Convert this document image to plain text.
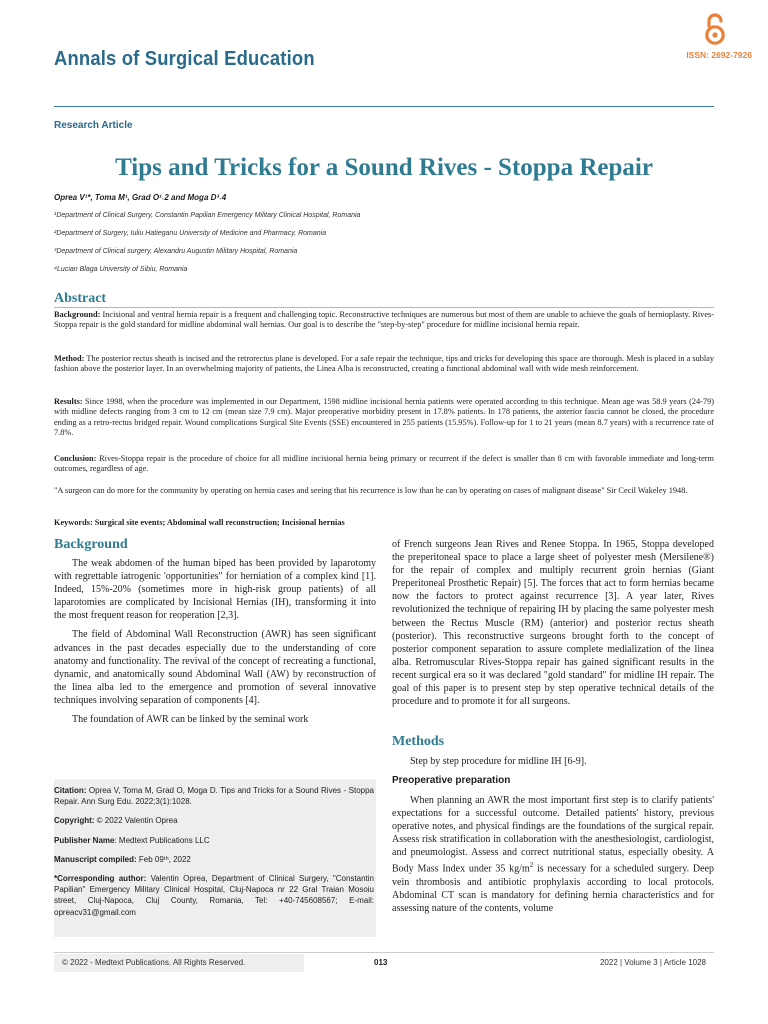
Annals of Surgical Education	ISSN: 2692-7926
Research Article
Tips and Tricks for a Sound Rives - Stoppa Repair
Oprea V¹*, Toma M¹, Grad O¹˒2 and Moga D³˒4
¹Department of Clinical Surgery, Constantin Papilian Emergency Military Clinical Hospital, Romania
²Department of Surgery, Iuliu Hatieganu University of Medicine and Pharmacy, Romania
³Department of Clinical surgery, Alexandru Augustin Military Hospital, Romania
⁴Lucian Blaga University of Sibiu, Romania
Abstract
Background: Incisional and ventral hernia repair is a frequent and challenging topic. Reconstructive techniques are numerous but most of them are unable to achieve the goals of hernioplasty. Rives-Stoppa repair is the gold standard for midline abdominal wall hernias. Our goal is to describe the "step-by-step" procedure for midline incisional hernia repair.
Method: The posterior rectus sheath is incised and the retrorectus plane is developed. For a safe repair the technique, tips and tricks for developing this space are thorough. Mesh is placed in a sublay fashion above the posterior layer. In an overwhelming majority of patients, the Linea Alba is reconstructed, creating a functional abdominal wall with wide mesh reinforcement.
Results: Since 1998, when the procedure was implemented in our Department, 1598 midline incisional hernia patients were operated according to this technique. Mean age was 58.9 years (24-79) with midline defects ranging from 3 cm to 12 cm (mean size 7.9 cm). Major preoperative morbidity present in 17.8% patients. In 178 patients, the anterior fascia cannot be closed, the procedure ending as a retro-rectus bridged repair. Wound complications Surgical Site Events (SSE) encountered in 255 patients (15.95%). Follow-up for 1 to 21 years (mean 8.7 years) with a recurrence rate of 7.8%.
Conclusion: Rives-Stoppa repair is the procedure of choice for all midline incisional hernia being primary or recurrent if the defect is smaller than 8 cm with favorable immediate and long-term outcomes, regardless of age.
"A surgeon can do more for the community by operating on hernia cases and seeing that his recurrence is low than he can by operating on cases of malignant disease" Sir Cecil Wakeley 1948.
Keywords: Surgical site events; Abdominal wall reconstruction; Incisional hernias
Background

The weak abdomen of the human biped has been provided by laparotomy with regrettable iatrogenic 'opportunities" for herniation of a complex kind [1]. Indeed, 15%-20% (sometimes more in high-risk group patients) of all laparotomies are complicated by Incisional Hernias (IH), transforming it into the most frequent reason for reoperation [2,3].

The field of Abdominal Wall Reconstruction (AWR) has seen significant advances in the past decades especially due to the understanding of core anatomy and functionality. The revival of the concept of recreating a functional, dynamic, and anatomically sound Abdominal Wall (AW) by reconstruction of the linea alba led to the emergence and promotion of several innovative techniques involving separation of components [4].

The foundation of AWR can be linked by the seminal work

Citation: Oprea V, Toma M, Grad O, Moga D. Tips and Tricks for a Sound Rives - Stoppa Repair. Ann Surg Edu. 2022;3(1):1028.

Copyright: © 2022 Valentin Oprea

Publisher Name: Medtext Publications LLC

Manuscript compiled: Feb 09ᵗʰ, 2022

*Corresponding author: Valentin Oprea, Department of Clinical Surgery, "Constantin Papilian" Emergency Military Clinical Hospital, Cluj-Napoca nr 22 Gral Traian Mosoiu street, Cluj-Napoca, Cluj County, Romania, Tel: +40-745608567; E-mail: opreacv31@gmail.com

of French surgeons Jean Rives and Renee Stoppa. In 1965, Stoppa developed the preperitoneal space to place a large sheet of polyester mesh (Mersilene®) for the repair of complex and multiply recurrent groin hernias (Giant Preperitoneal Prosthetic Repair) [5]. The forces that act to form hernias became now the factors to protect against recurrence [3]. A year later, Rives revolutionized the technique of repairing IH by placing the same polyester mesh between the Rectus Muscle (RM) (anterior) and posterior rectus sheath (posterior). This reconstructive surgeons brought forth to the concept of posterior component separation to assure complete medialization of the linea alba. Retromuscular Rives-Stoppa repair has gained significant results in the recent surgical era so it was declared "gold standard" for midline IH repair. The goal of this paper is to present step by step operative technical details of the procedure and to promote it for all surgeons.

Methods

Step by step procedure for midline IH [6-9].

Preoperative preparation

When planning an AWR the most important first step is to clarify patients' expectations for a successful outcome. Detailed patients' history, previous operative notes, and physical findings are the foundations of the surgical repair. Assess risk stratification in collaboration with the anesthesiologist, cardiologist, and pneumologist. Assess and correct nutritional status, especially obesity. A Body Mass Index under 35 $kg/m^2$ is necessary for a scheduled surgery. Deep vein thrombosis and antibiotic prophylaxis according to local protocols. Abdominal CT scan is mandatory for defining hernia characteristics and for assessing nature of the contents, volume

© 2022 - Medtext Publications. All Rights Reserved.	013	2022 | Volume 3 | Article 1028
